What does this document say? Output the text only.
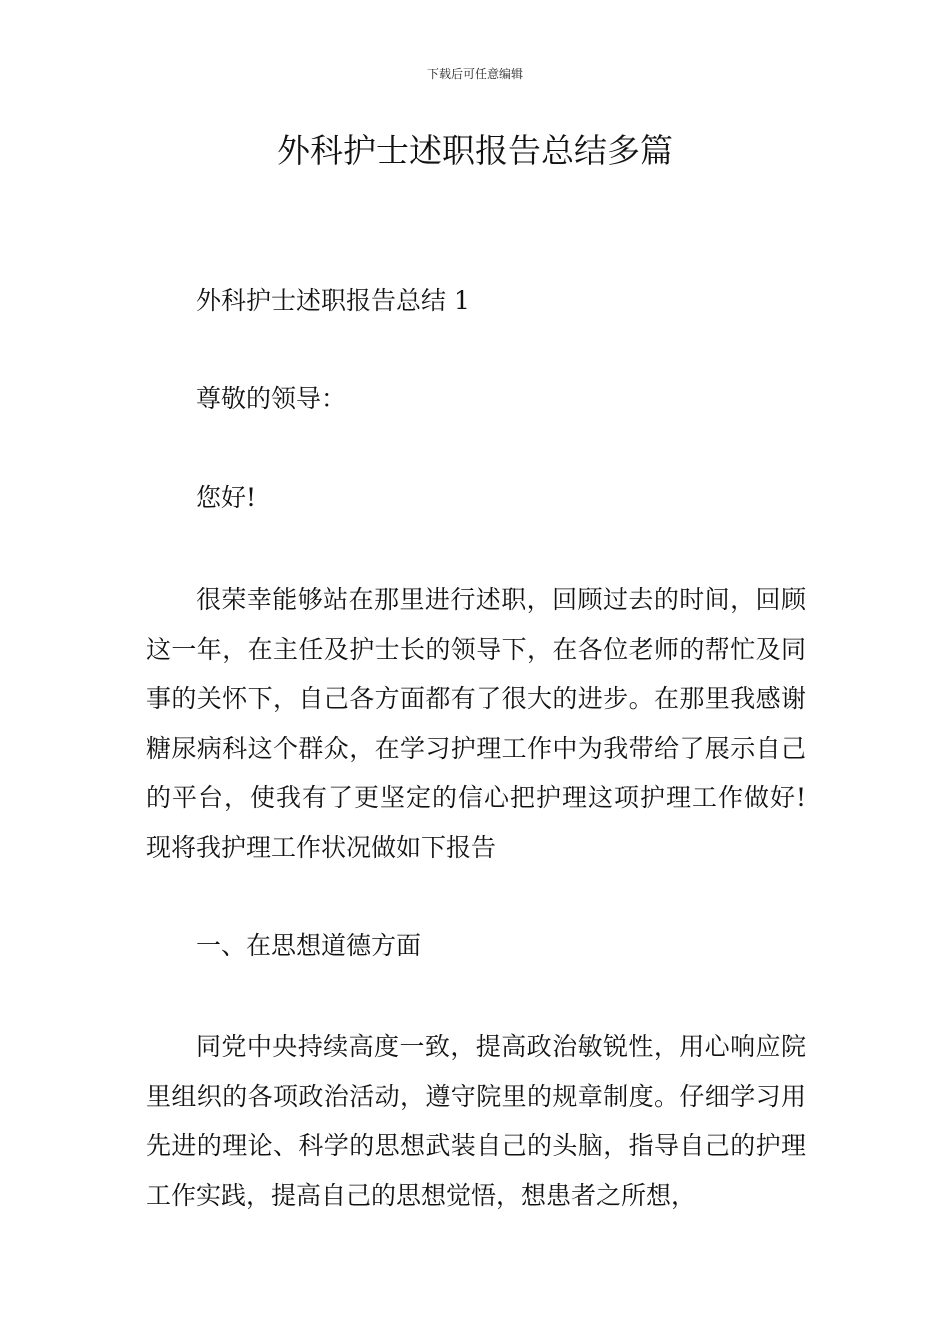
下载后可任意编辑
外科护士述职报告总结多篇

外科护士述职报告总结 1

尊敬的领导：

您好!

很荣幸能够站在那里进行述职，回顾过去的时间，回顾这一年，在主任及护士长的领导下，在各位老师的帮忙及同事的关怀下，自己各方面都有了很大的进步。在那里我感谢糖尿病科这个群众，在学习护理工作中为我带给了展示自己的平台，使我有了更坚定的信心把护理这项护理工作做好!现将我护理工作状况做如下报告

一、在思想道德方面

同党中央持续高度一致，提高政治敏锐性，用心响应院里组织的各项政治活动，遵守院里的规章制度。仔细学习用先进的理论、科学的思想武装自己的头脑，指导自己的护理工作实践，提高自己的思想觉悟，想患者之所想，
